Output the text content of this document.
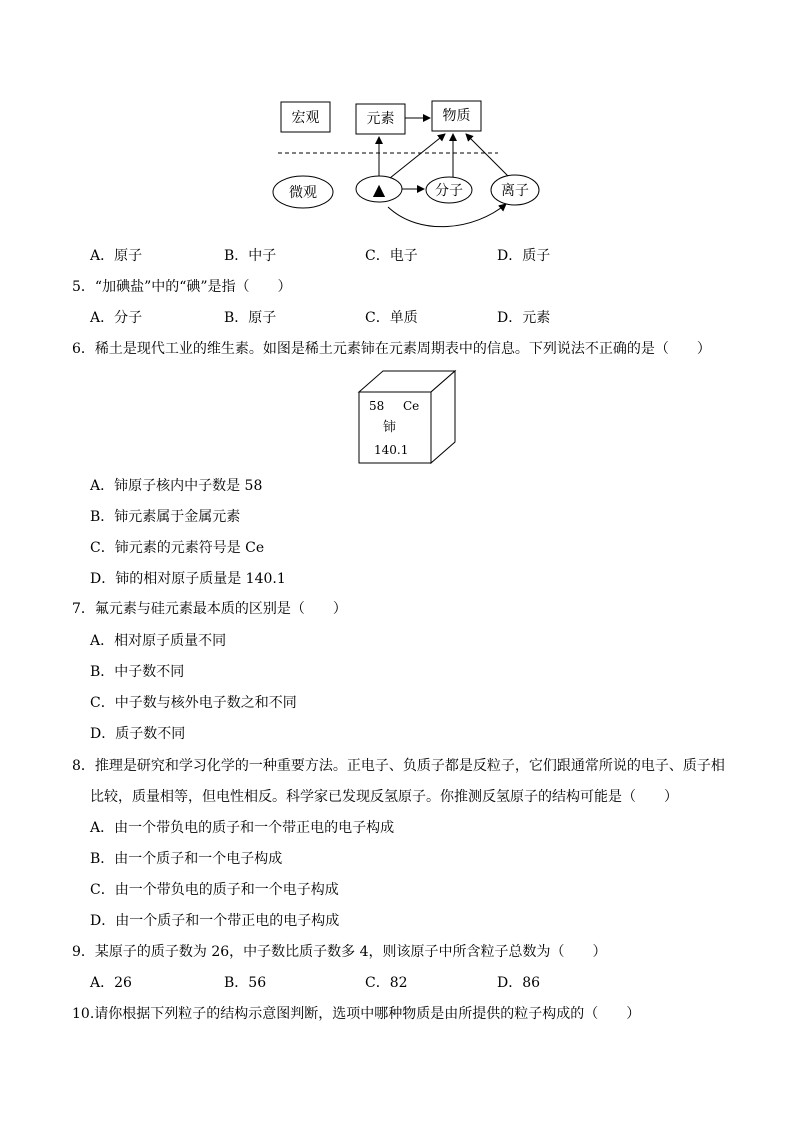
宏观	元素	物质
微观	▲	分子	离子
A．原子	B．中子	C．电子	D．质子
5．“加碘盐”中的“碘”是指（　　）
A．分子	B．原子	C．单质	D．元素
6．稀土是现代工业的维生素。如图是稀土元素铈在元素周期表中的信息。下列说法不正确的是（　　）
58 Ce
铈
140.1
A．铈原子核内中子数是 58
B．铈元素属于金属元素
C．铈元素的元素符号是 Ce
D．铈的相对原子质量是 140.1
7．氟元素与硅元素最本质的区别是（　　）
A．相对原子质量不同
B．中子数不同
C．中子数与核外电子数之和不同
D．质子数不同
8．推理是研究和学习化学的一种重要方法。正电子、负质子都是反粒子，它们跟通常所说的电子、质子相
比较，质量相等，但电性相反。科学家已发现反氢原子。你推测反氢原子的结构可能是（　　）
A．由一个带负电的质子和一个带正电的电子构成
B．由一个质子和一个电子构成
C．由一个带负电的质子和一个电子构成
D．由一个质子和一个带正电的电子构成
9．某原子的质子数为 26，中子数比质子数多 4，则该原子中所含粒子总数为（　　）
A．26	B．56	C．82	D．86
10.请你根据下列粒子的结构示意图判断，选项中哪种物质是由所提供的粒子构成的（　　）
